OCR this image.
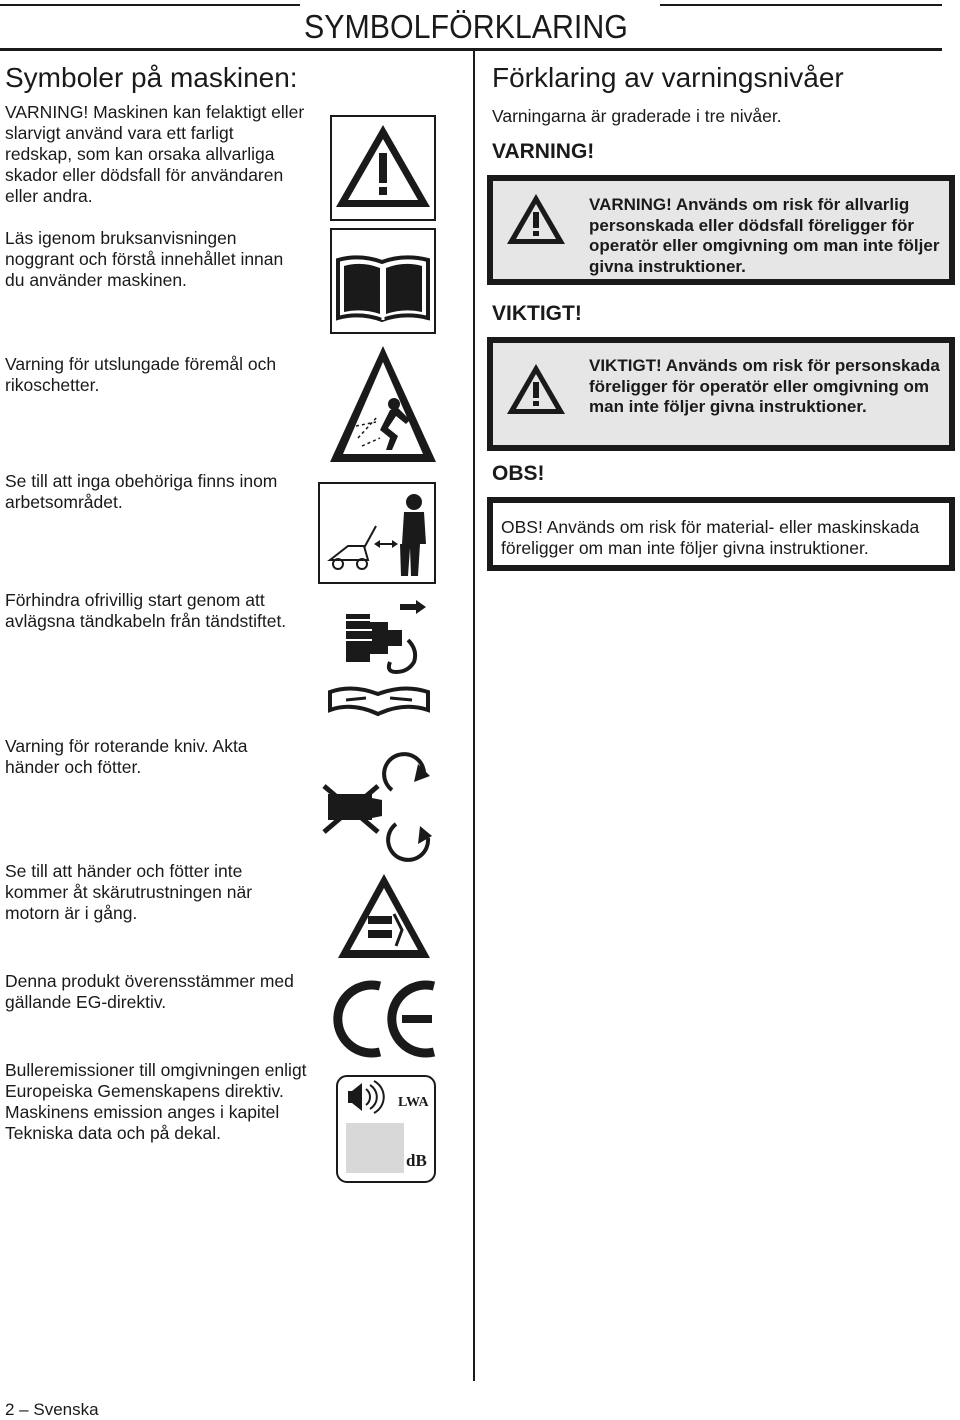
SYMBOLFÖRKLARING
Symboler på maskinen:
VARNING! Maskinen kan felaktigt eller slarvigt använd vara ett farligt redskap, som kan orsaka allvarliga skador eller dödsfall för användaren eller andra.
Läs igenom bruksanvisningen noggrant och förstå innehållet innan du använder maskinen.
Varning för utslungade föremål och rikoschetter.
Se till att inga obehöriga finns inom arbetsområdet.
Förhindra ofrivillig start genom att avlägsna tändkabeln från tändstiftet.
Varning för roterande kniv. Akta händer och fötter.
Se till att händer och fötter inte kommer åt skärutrustningen när motorn är i gång.
Denna produkt överensstämmer med gällande EG-direktiv.
Bulleremissioner till omgivningen enligt Europeiska Gemenskapens direktiv. Maskinens emission anges i kapitel Tekniska data och på dekal.
LWA
dB
Förklaring av varningsnivåer
Varningarna är graderade i tre nivåer.
VARNING!
VARNING! Används om risk för allvarlig personskada eller dödsfall föreligger för operatör eller omgivning om man inte följer givna instruktioner.
VIKTIGT!
VIKTIGT! Används om risk för personskada föreligger för operatör eller omgivning om man inte följer givna instruktioner.
OBS!
OBS! Används om risk för material- eller maskinskada föreligger om man inte följer givna instruktioner.
2 – Svenska
